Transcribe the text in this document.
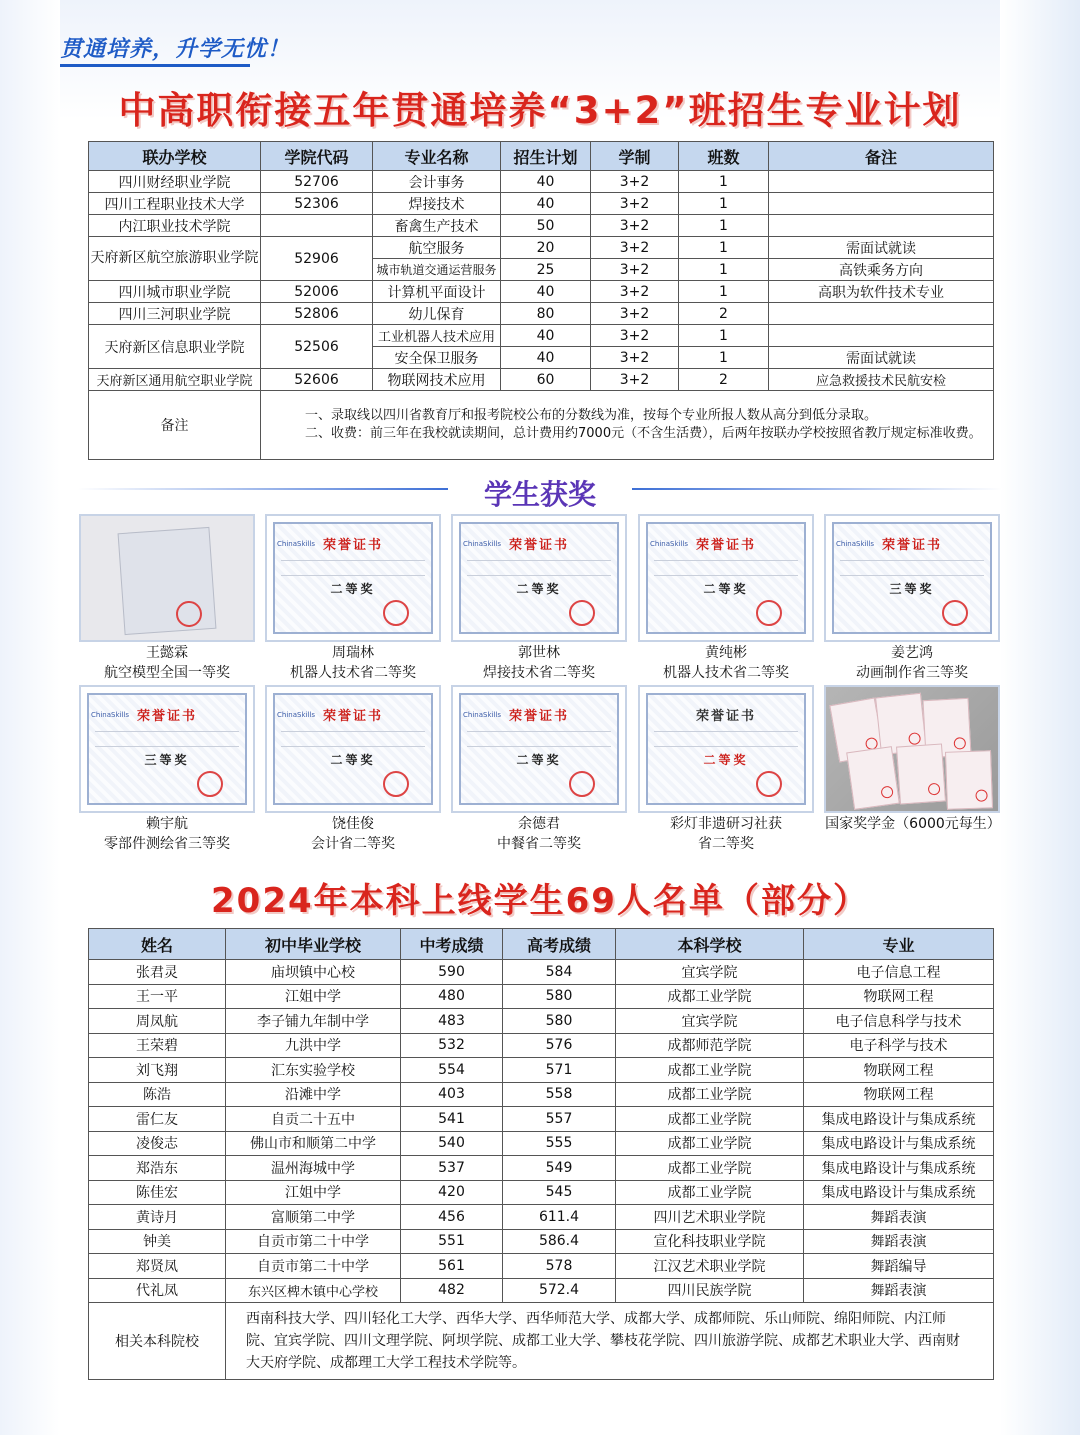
贯通培养，升学无忧！
中高职衔接五年贯通培养“3+2”班招生专业计划
联办学校	学院代码	专业名称	招生计划	学制	班数	备注
四川财经职业学院	52706	会计事务	40	3+2	1	
四川工程职业技术大学	52306	焊接技术	40	3+2	1	
内江职业技术学院		畜禽生产技术	50	3+2	1	
天府新区航空旅游职业学院	52906	航空服务	20	3+2	1	需面试就读
		城市轨道交通运营服务	25	3+2	1	高铁乘务方向
四川城市职业学院	52006	计算机平面设计	40	3+2	1	高职为软件技术专业
四川三河职业学院	52806	幼儿保育	80	3+2	2	
天府新区信息职业学院	52506	工业机器人技术应用	40	3+2	1	
		安全保卫服务	40	3+2	1	需面试就读
天府新区通用航空职业学院	52606	物联网技术应用	60	3+2	2	应急救援技术民航安检
备注	一、录取线以四川省教育厅和报考院校公布的分数线为准，按每个专业所报人数从高分到低分录取。
二、收费：前三年在我校就读期间，总计费用约7000元（不含生活费），后两年按联办学校按照省教厅规定标准收费。					
学生获奖
王懿霖
航空模型全国一等奖
ChinaSkills 荣誉证书
二等奖
周瑞林
机器人技术省二等奖
ChinaSkills 荣誉证书
二等奖
郭世林
焊接技术省二等奖
ChinaSkills 荣誉证书
二等奖
黄纯彬
机器人技术省二等奖
ChinaSkills 荣誉证书
三等奖
姜艺鸿
动画制作省三等奖
ChinaSkills 荣誉证书
三等奖
赖宇航
零部件测绘省三等奖
ChinaSkills 荣誉证书
二等奖
饶佳俊
会计省二等奖
ChinaSkills 荣誉证书
二等奖
余德君
中餐省二等奖
荣誉证书
二等奖
彩灯非遗研习社获
省二等奖
国家奖学金（6000元每生）
2024年本科上线学生69人名单（部分）
姓名	初中毕业学校	中考成绩	高考成绩	本科学校	专业
张君灵	庙坝镇中心校	590	584	宜宾学院	电子信息工程
王一平	江姐中学	480	580	成都工业学院	物联网工程
周凤航	李子铺九年制中学	483	580	宜宾学院	电子信息科学与技术
王荣碧	九洪中学	532	576	成都师范学院	电子科学与技术
刘飞翔	汇东实验学校	554	571	成都工业学院	物联网工程
陈浩	沿滩中学	403	558	成都工业学院	物联网工程
雷仁友	自贡二十五中	541	557	成都工业学院	集成电路设计与集成系统
凌俊志	佛山市和顺第二中学	540	555	成都工业学院	集成电路设计与集成系统
郑浩东	温州海城中学	537	549	成都工业学院	集成电路设计与集成系统
陈佳宏	江姐中学	420	545	成都工业学院	集成电路设计与集成系统
黄诗月	富顺第二中学	456	611.4	四川艺术职业学院	舞蹈表演
钟美	自贡市第二十中学	551	586.4	宣化科技职业学院	舞蹈表演
郑贤凤	自贡市第二十中学	561	578	江汉艺术职业学院	舞蹈编导
代礼凤	东兴区椑木镇中心学校	482	572.4	四川民族学院	舞蹈表演
相关本科院校	西南科技大学、四川轻化工大学、西华大学、西华师范大学、成都大学、成都师院、乐山师院、绵阳师院、内江师院、宜宾学院、四川文理学院、阿坝学院、成都工业大学、攀枝花学院、四川旅游学院、成都艺术职业大学、西南财大天府学院、成都理工大学工程技术学院等。				
